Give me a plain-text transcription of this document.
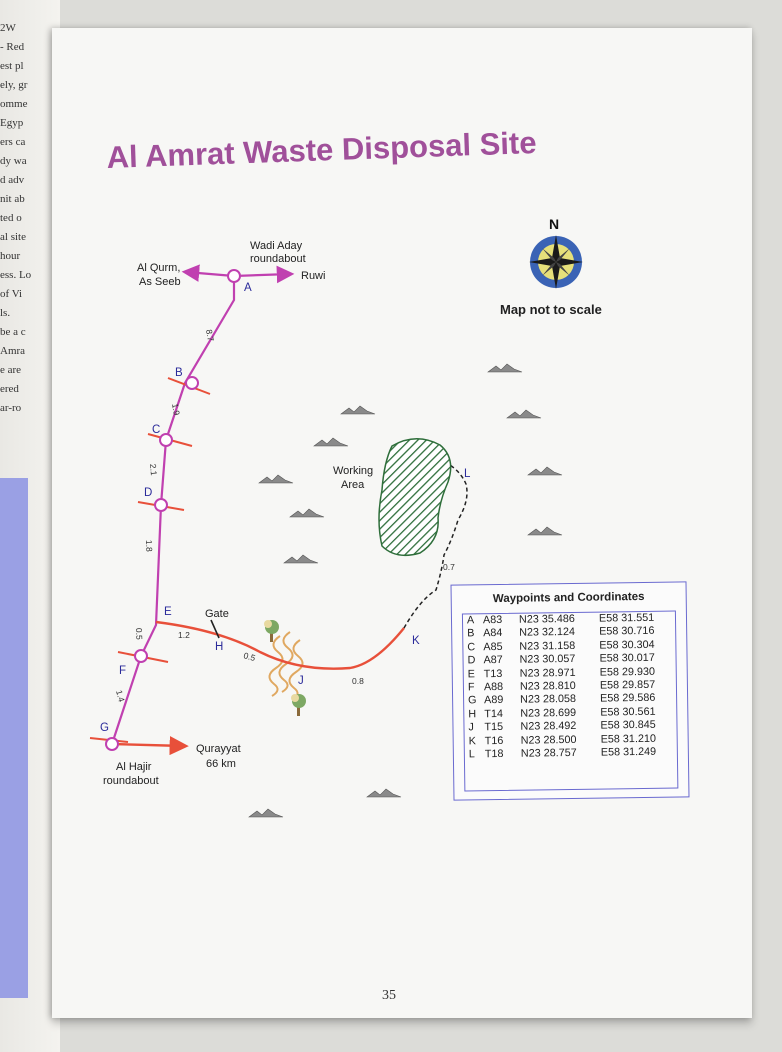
2W
- Red
est pl
ely, gr
omme
Egyp
ers ca
dy wa
d adv
nit ab
ted o
al site
hour
ess. Lo
of Vi
ls.
be a c
Amra
e are
ered
ar-ro
Al Amrat Waste Disposal Site
A
B
C
D
E
F
G
H
J
K
L
8.7
1.9
2.1
1.8
0.5
1.4
1.2
0.5
0.8
0.7
Wadi Aday
roundabout
Al Qurm,
As Seeb	Ruwi
Working
Area
Gate
Qurayyat
66 km
Al Hajir
roundabout
N
Map not to scale
Waypoints and Coordinates
A A83	N23 35.486	E58 31.551
B A84	N23 32.124	E58 30.716
C A85	N23 31.158	E58 30.304
D A87	N23 30.057	E58 30.017
E T13	N23 28.971	E58 29.930
F A88	N23 28.810	E58 29.857
G A89	N23 28.058	E58 29.586
H T14	N23 28.699	E58 30.561
J T15	N23 28.492	E58 30.845
K T16	N23 28.500	E58 31.210
L T18	N23 28.757	E58 31.249
35
